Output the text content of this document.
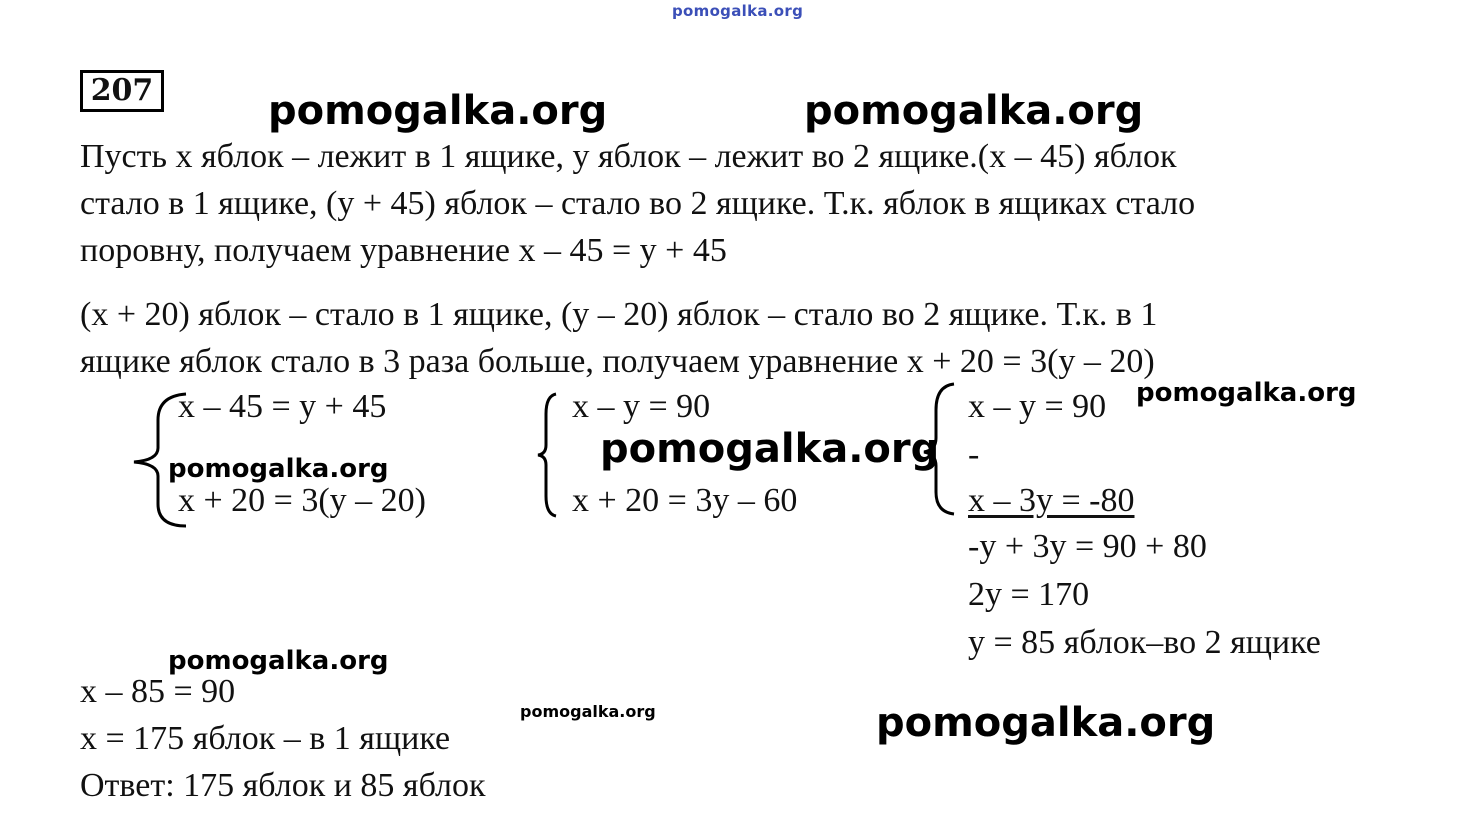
pomogalka.org
207	pomogalka.org	pomogalka.org
Пусть х яблок – лежит в 1 ящике, у яблок – лежит во 2 ящике.(х – 45) яблок
стало в 1 ящике, (у + 45) яблок – стало во 2 ящике. Т.к. яблок в ящиках стало
поровну, получаем уравнение х – 45 = у + 45
(х + 20) яблок – стало в 1 ящике, (у – 20) яблок – стало во 2 ящике. Т.к. в 1
ящике яблок стало в 3 раза больше, получаем уравнение х + 20 = 3(у – 20)
х – 45 = у + 45
pomogalka.org
х + 20 = 3(у – 20)
х – у = 90
pomogalka.org
х + 20 = 3у – 60
х – у = 90 pomogalka.org
-
х – 3у = -80
-у + 3у = 90 + 80
2у = 170
у = 85 яблок–во 2 ящике
pomogalka.org
х – 85 = 90
pomogalka.org
х = 175 яблок – в 1 ящике	pomogalka.org
Ответ: 175 яблок и 85 яблок
